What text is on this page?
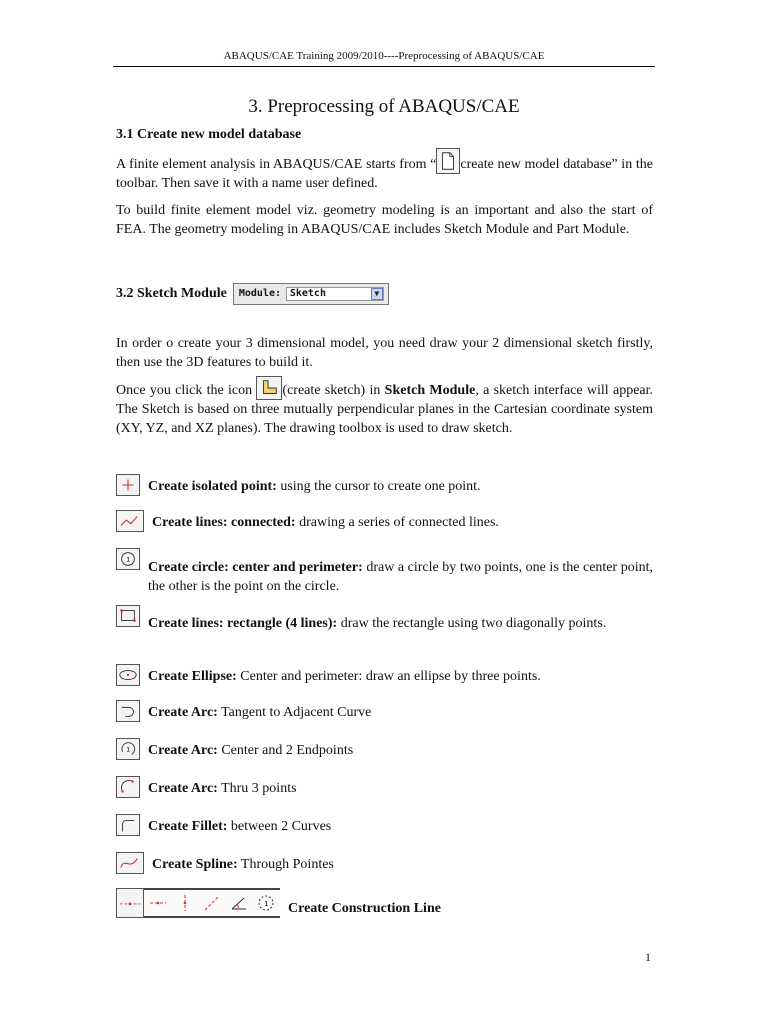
ABAQUS/CAE Training 2009/2010----Preprocessing of ABAQUS/CAE
3. Preprocessing of ABAQUS/CAE
3.1 Create new model database
A finite element analysis in ABAQUS/CAE starts from “ create new model database” in the toolbar. Then save it with a name user defined.
To build finite element model viz. geometry modeling is an important and also the start of FEA. The geometry modeling in ABAQUS/CAE includes Sketch Module and Part Module.
3.2 Sketch Module Module: Sketch	▼
In order o create your 3 dimensional model, you need draw your 2 dimensional sketch firstly, then use the 3D features to build it.
Once you click the icon
(create sketch) in Sketch Module, a sketch interface will appear. The Sketch is based on three mutually perpendicular planes in the Cartesian coordinate system (XY, YZ, and XZ planes). The drawing toolbox is used to draw sketch.
Create isolated point: using the cursor to create one point.
Create lines: connected: drawing a series of connected lines.
1 Create circle: center and perimeter: draw a circle by two points, one is the center point, the other is the point on the circle.
Create lines: rectangle (4 lines): draw the rectangle using two diagonally points.
Create Ellipse: Center and perimeter: draw an ellipse by three points.
Create Arc: Tangent to Adjacent Curve
1 Create Arc: Center and 2 Endpoints
Create Arc: Thru 3 points
Create Fillet: between 2 Curves
Create Spline: Through Pointes
1 Create Construction Line
1
